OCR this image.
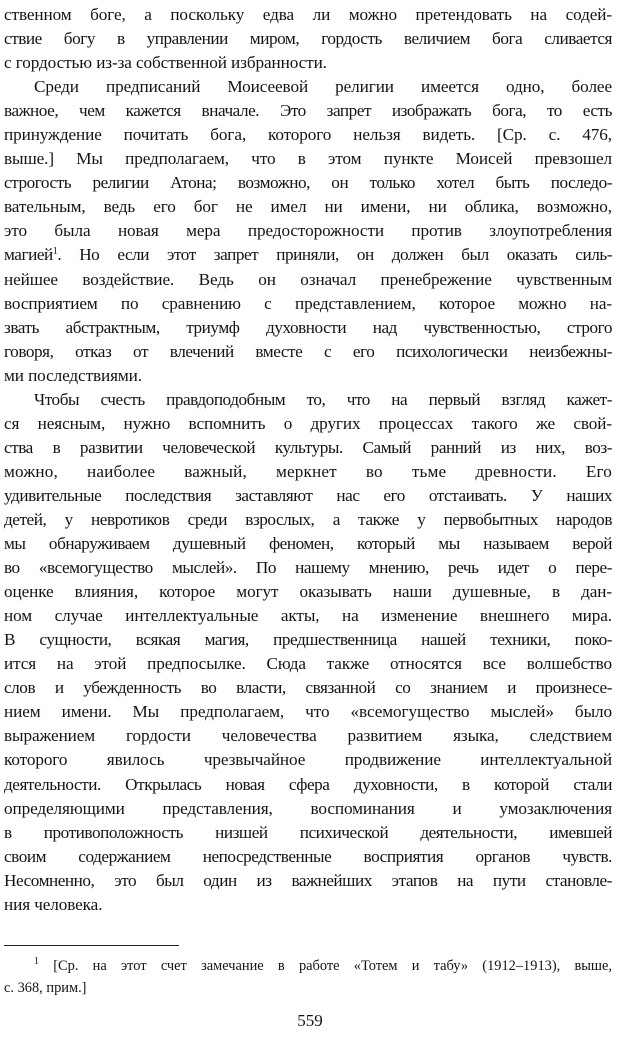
ственном боге, а поскольку едва ли можно претендовать на содей-
ствие богу в управлении миром, гордость величием бога сливается
с гордостью из-за собственной избранности.
Среди предписаний Моисеевой религии имеется одно, более
важное, чем кажется вначале. Это запрет изображать бога, то есть
принуждение почитать бога, которого нельзя видеть. [Ср. с. 476,
выше.] Мы предполагаем, что в этом пункте Моисей превзошел
строгость религии Атона; возможно, он только хотел быть последо-
вательным, ведь его бог не имел ни имени, ни облика, возможно,
это была новая мера предосторожности против злоупотребления
магией$^1$. Но если этот запрет приняли, он должен был оказать силь-
нейшее воздействие. Ведь он означал пренебрежение чувственным
восприятием по сравнению с представлением, которое можно на-
звать абстрактным, триумф духовности над чувственностью, строго
говоря, отказ от влечений вместе с его психологически неизбежны-
ми последствиями.
Чтобы счесть правдоподобным то, что на первый взгляд кажет-
ся неясным, нужно вспомнить о других процессах такого же свой-
ства в развитии человеческой культуры. Самый ранний из них, воз-
можно, наиболее важный, меркнет во тьме древности. Его
удивительные последствия заставляют нас его отстаивать. У наших
детей, у невротиков среди взрослых, а также у первобытных народов
мы обнаруживаем душевный феномен, который мы называем верой
во «всемогущество мыслей». По нашему мнению, речь идет о пере-
оценке влияния, которое могут оказывать наши душевные, в дан-
ном случае интеллектуальные акты, на изменение внешнего мира.
В сущности, всякая магия, предшественница нашей техники, поко-
ится на этой предпосылке. Сюда также относятся все волшебство
слов и убежденность во власти, связанной со знанием и произнесе-
нием имени. Мы предполагаем, что «всемогущество мыслей» было
выражением гордости человечества развитием языка, следствием
которого явилось чрезвычайное продвижение интеллектуальной
деятельности. Открылась новая сфера духовности, в которой стали
определяющими представления, воспоминания и умозаключения
в противоположность низшей психической деятельности, имевшей
своим содержанием непосредственные восприятия органов чувств.
Несомненно, это был один из важнейших этапов на пути становле-
ния человека.
$^1$ [Ср. на этот счет замечание в работе «Тотем и табу» (1912–1913), выше,
с. 368, прим.]
559
